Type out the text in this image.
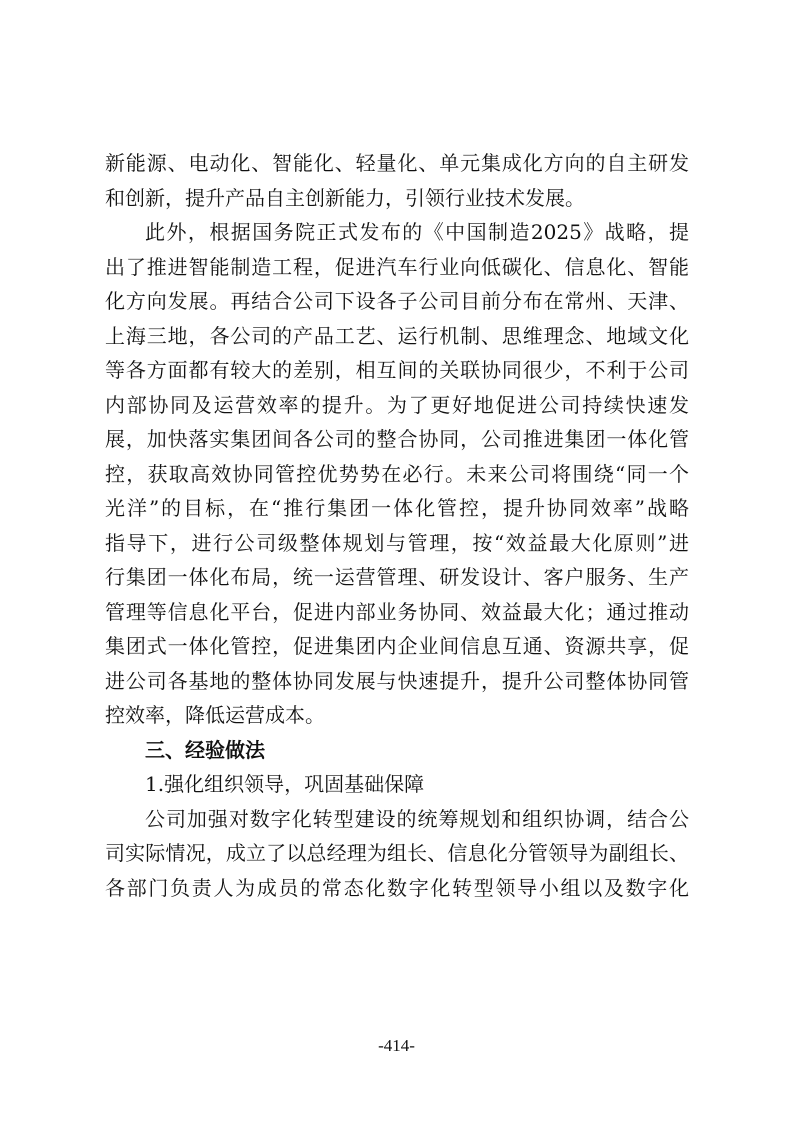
新能源、电动化、智能化、轻量化、单元集成化方向的自主研发
和创新，提升产品自主创新能力，引领行业技术发展。
此外，根据国务院正式发布的《中国制造2025》战略，提
出了推进智能制造工程，促进汽车行业向低碳化、信息化、智能
化方向发展。再结合公司下设各子公司目前分布在常州、天津、
上海三地，各公司的产品工艺、运行机制、思维理念、地域文化
等各方面都有较大的差别，相互间的关联协同很少，不利于公司
内部协同及运营效率的提升。为了更好地促进公司持续快速发
展，加快落实集团间各公司的整合协同，公司推进集团一体化管
控，获取高效协同管控优势势在必行。未来公司将围绕“同一个
光洋”的目标，在“推行集团一体化管控，提升协同效率”战略
指导下，进行公司级整体规划与管理，按“效益最大化原则”进
行集团一体化布局，统一运营管理、研发设计、客户服务、生产
管理等信息化平台，促进内部业务协同、效益最大化；通过推动
集团式一体化管控，促进集团内企业间信息互通、资源共享，促
进公司各基地的整体协同发展与快速提升，提升公司整体协同管
控效率，降低运营成本。
三、经验做法
1.强化组织领导，巩固基础保障
公司加强对数字化转型建设的统筹规划和组织协调，结合公
司实际情况，成立了以总经理为组长、信息化分管领导为副组长、
各部门负责人为成员的常态化数字化转型领导小组以及数字化
-414-
